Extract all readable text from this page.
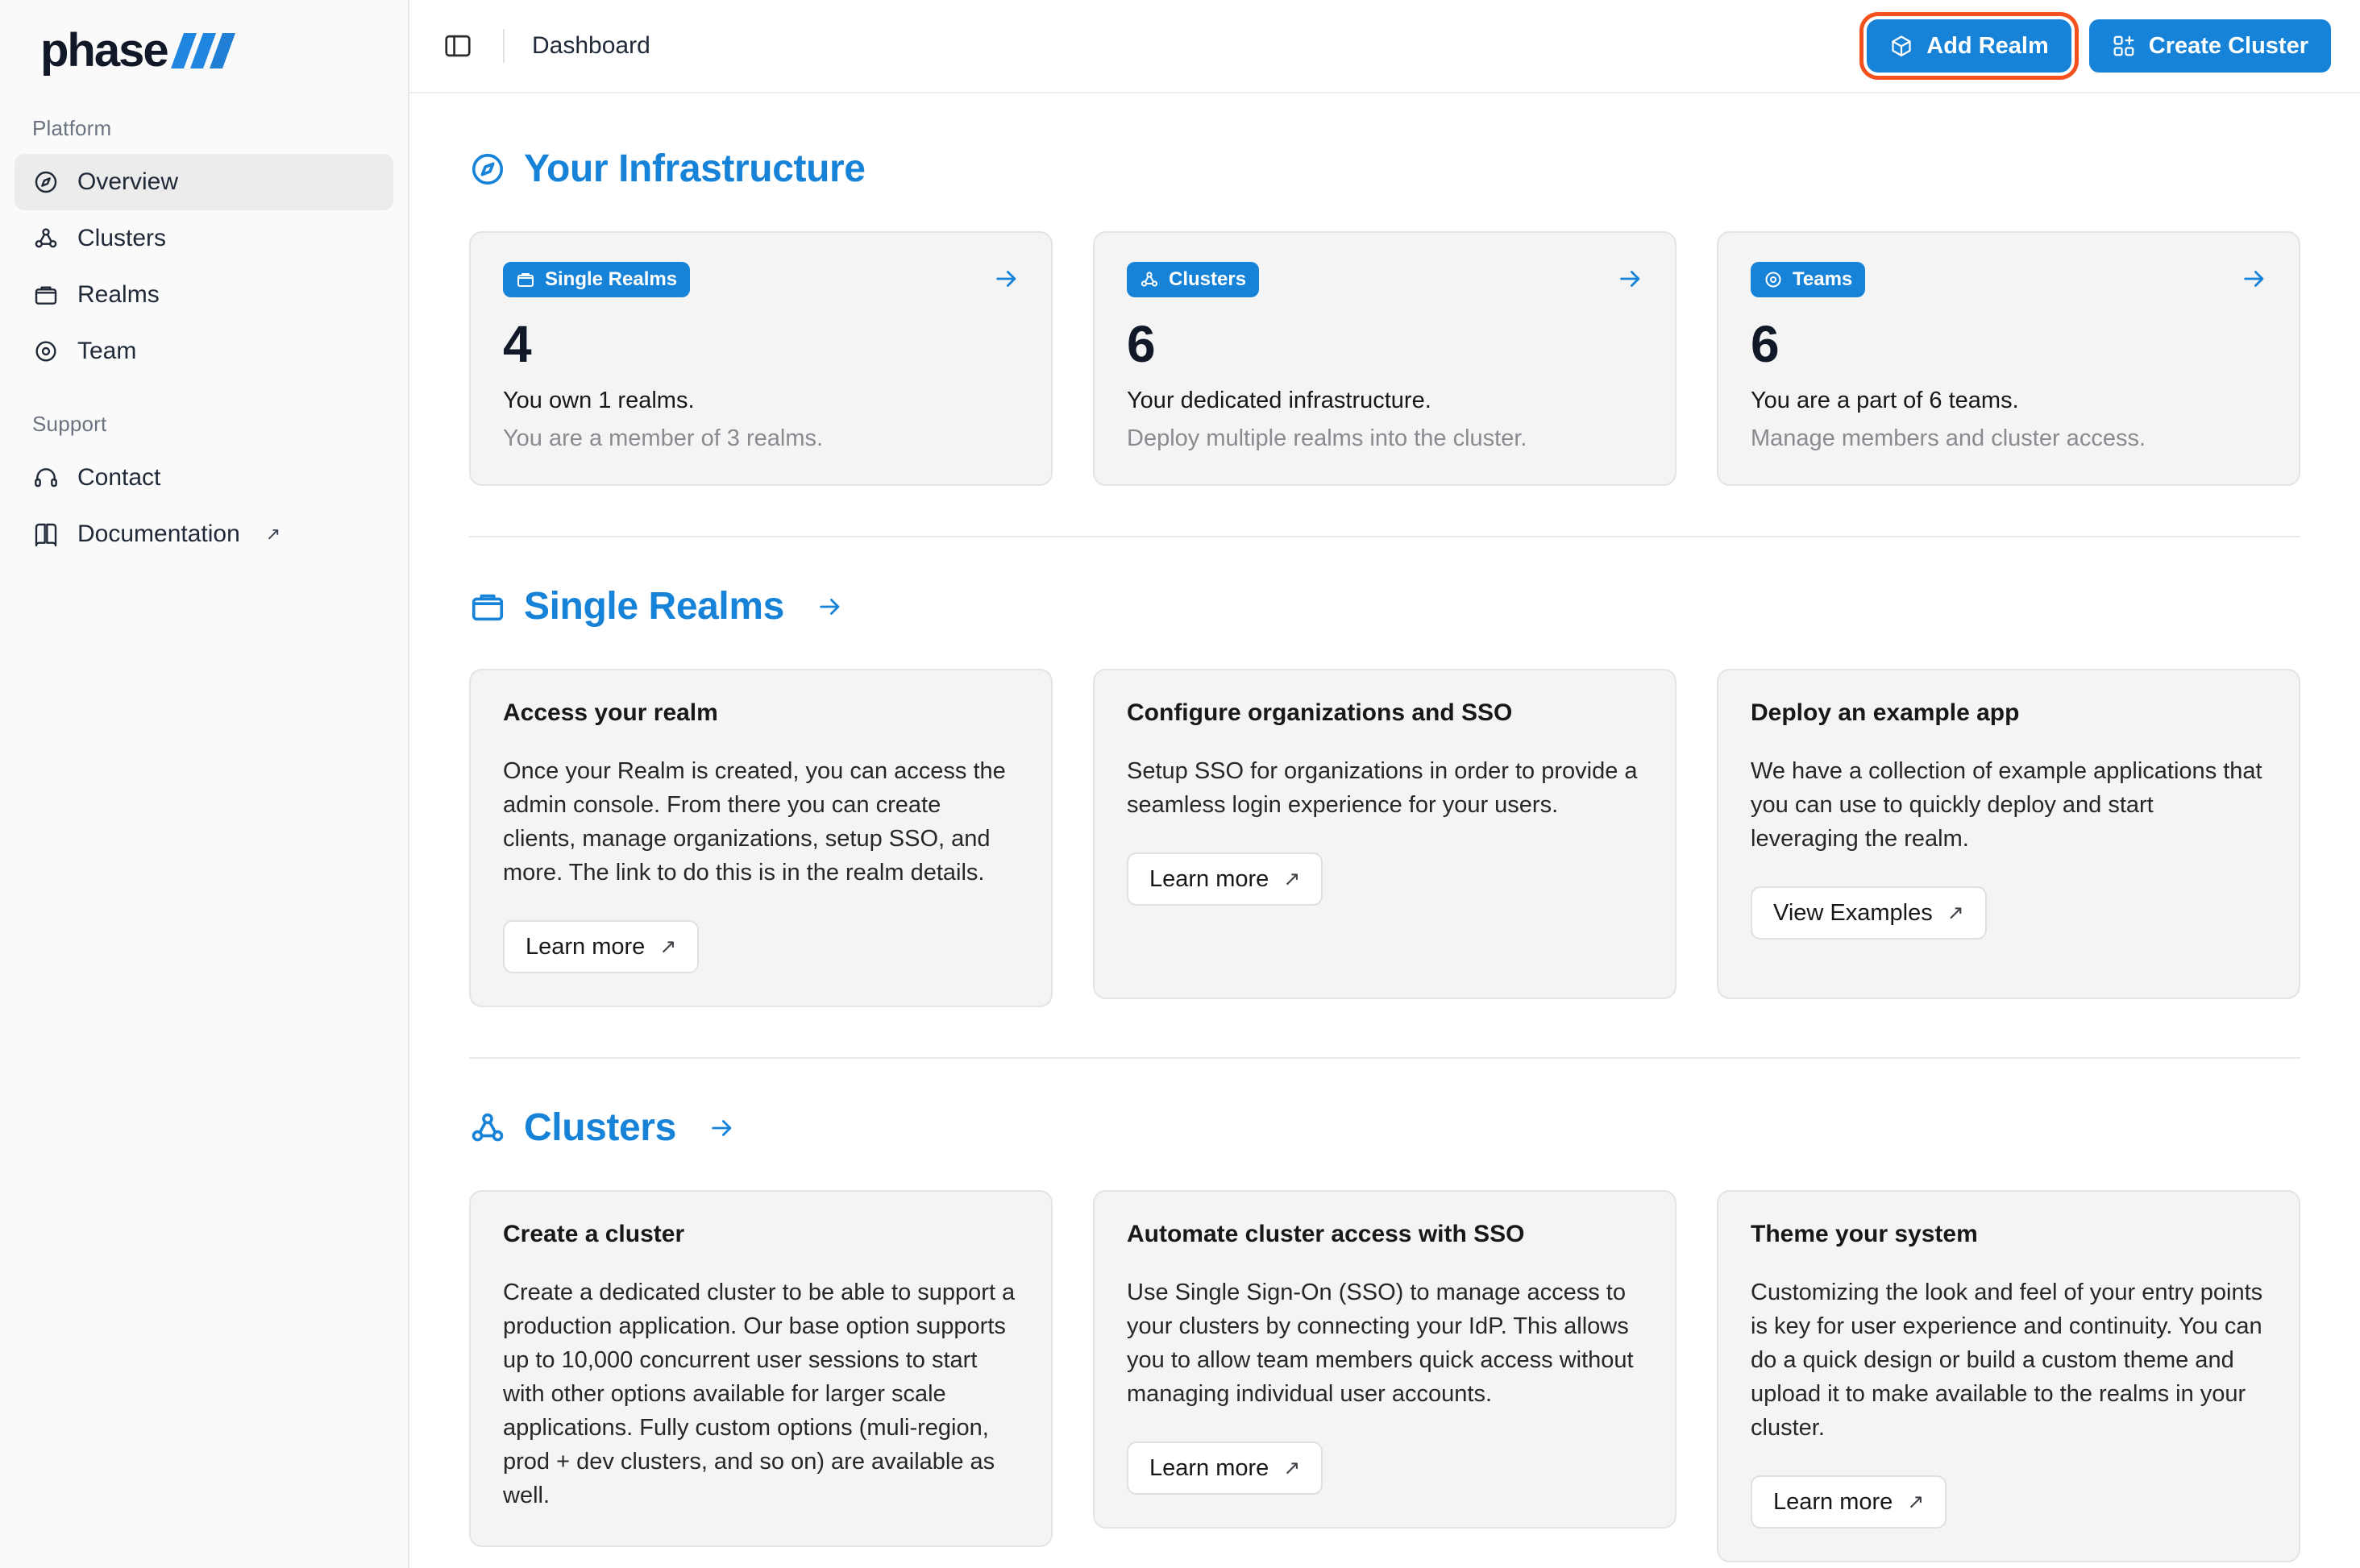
phase
Platform
Overview
Clusters
Realms
Team
Support
Contact
Documentation ↗
Dashboard	Add Realm	Create Cluster
Your Infrastructure
Single Realms
4
You own 1 realms.
You are a member of 3 realms.
Clusters
6
Your dedicated infrastructure.
Deploy multiple realms into the cluster.
Teams
6
You are a part of 6 teams.
Manage members and cluster access.
Single Realms
Access your realm
Once your Realm is created, you can access the admin console. From there you can create clients, manage organizations, setup SSO, and more. The link to do this is in the realm details.
Learn more ↗
Configure organizations and SSO
Setup SSO for organizations in order to provide a seamless login experience for your users.
Learn more ↗
Deploy an example app
We have a collection of example applications that you can use to quickly deploy and start leveraging the realm.
View Examples ↗
Clusters
Create a cluster
Create a dedicated cluster to be able to support a production application. Our base option supports up to 10,000 concurrent user sessions to start with other options available for larger scale applications. Fully custom options (muli-region, prod + dev clusters, and so on) are available as well.
Automate cluster access with SSO
Use Single Sign-On (SSO) to manage access to your clusters by connecting your IdP. This allows you to allow team members quick access without managing individual user accounts.
Learn more ↗
Theme your system
Customizing the look and feel of your entry points is key for user experience and continuity. You can do a quick design or build a custom theme and upload it to make available to the realms in your cluster.
Learn more ↗
